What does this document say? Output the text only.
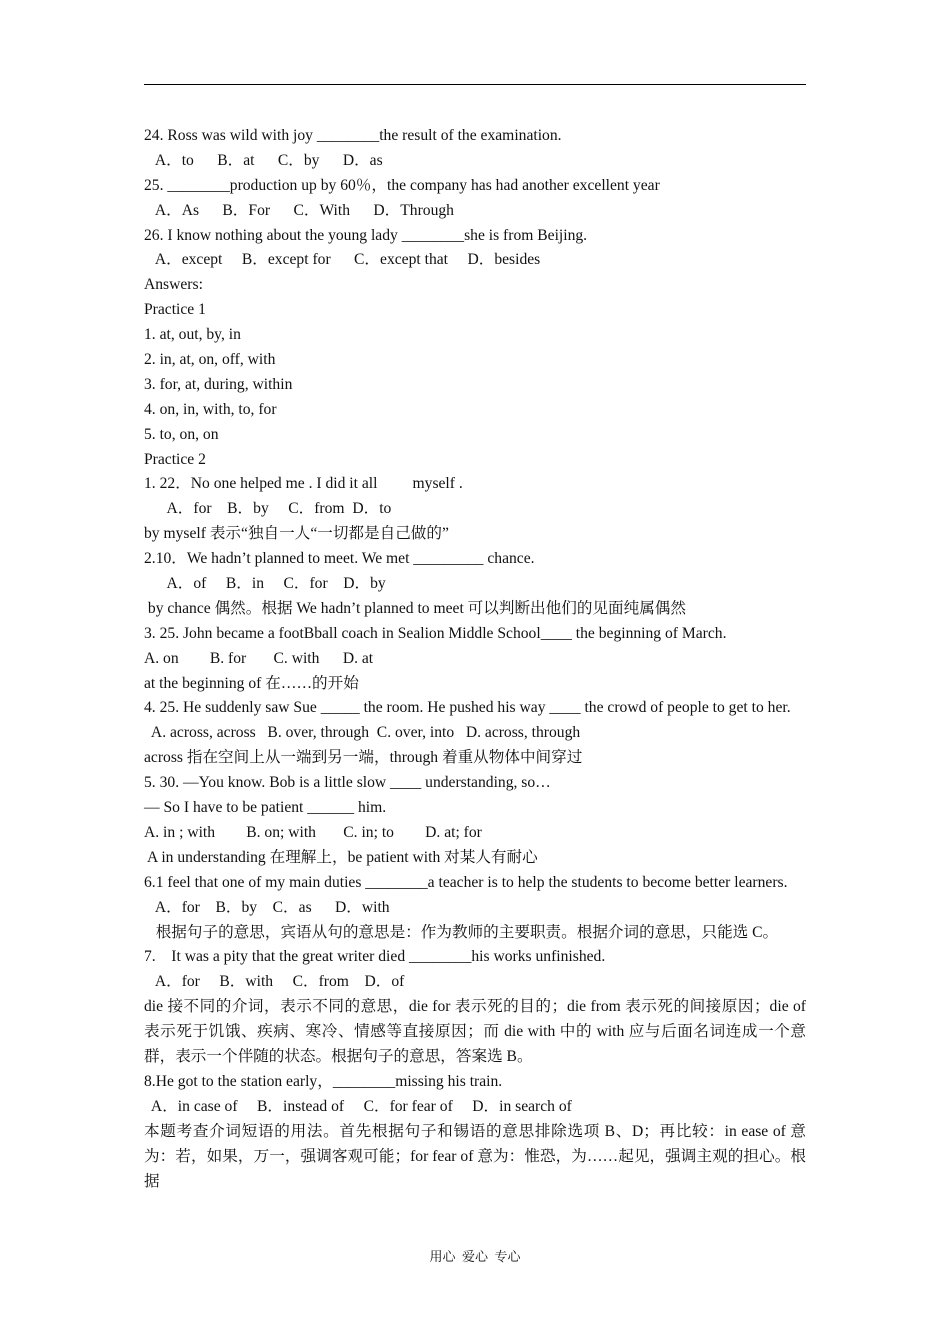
24. Ross was wild with joy ________the result of the examination.
A．to      B．at      C．by      D．as
25. ________production up by 60％，the company has had another excellent year
A．As      B．For      C．With      D．Through
26. I know nothing about the young lady ________she is from Beijing.
A．except     B．except for      C．except that     D．besides
Answers:
Practice 1
1. at, out, by, in
2. in, at, on, off, with
3. for, at, during, within
4. on, in, with, to, for
5. to, on, on
Practice 2
1. 22．No one helped me . I did it all         myself .
A．for    B．by     C．from  D．to
by myself 表示“独自一人“一切都是自己做的”
2.10．We hadn’t planned to meet. We met _________ chance.
A．of     B．in     C．for    D．by
by chance 偶然。根据 We hadn’t planned to meet 可以判断出他们的见面纯属偶然
3. 25. John became a footBball coach in Sealion Middle School____ the beginning of March.
A. on        B. for       C. with      D. at
at the beginning of 在……的开始
4. 25. He suddenly saw Sue _____ the room. He pushed his way ____ the crowd of people to get to her.
A. across, across   B. over, through  C. over, into   D. across, through
across 指在空间上从一端到另一端，through 着重从物体中间穿过
5. 30. —You know. Bob is a little slow ____ understanding, so…
— So I have to be patient ______ him.
A. in ; with        B. on; with       C. in; to        D. at; for
A in understanding 在理解上，be patient with 对某人有耐心
6.1 feel that one of my main duties ________a teacher is to help the students to become better learners.
A．for    B．by    C．as      D．with
根据句子的意思，宾语从句的意思是：作为教师的主要职责。根据介词的意思，只能选 C。
7.    It was a pity that the great writer died ________his works unfinished.
A．for     B．with     C．from    D．of
die 接不同的介词，表示不同的意思，die for 表示死的目的；die from 表示死的间接原因；die of 表示死于饥饿、疾病、寒冷、情感等直接原因；而 die with 中的 with 应与后面名词连成一个意群，表示一个伴随的状态。根据句子的意思，答案选 B。
8.He got to the station early，________missing his train.
A．in case of     B．instead of     C．for fear of     D．in search of
本题考查介词短语的用法。首先根据句子和锡语的意思排除选项 B、D；再比较：in ease of 意为：若，如果，万一，强调客观可能；for fear of 意为：惟恐，为……起见，强调主观的担心。根据
用心  爱心  专心
